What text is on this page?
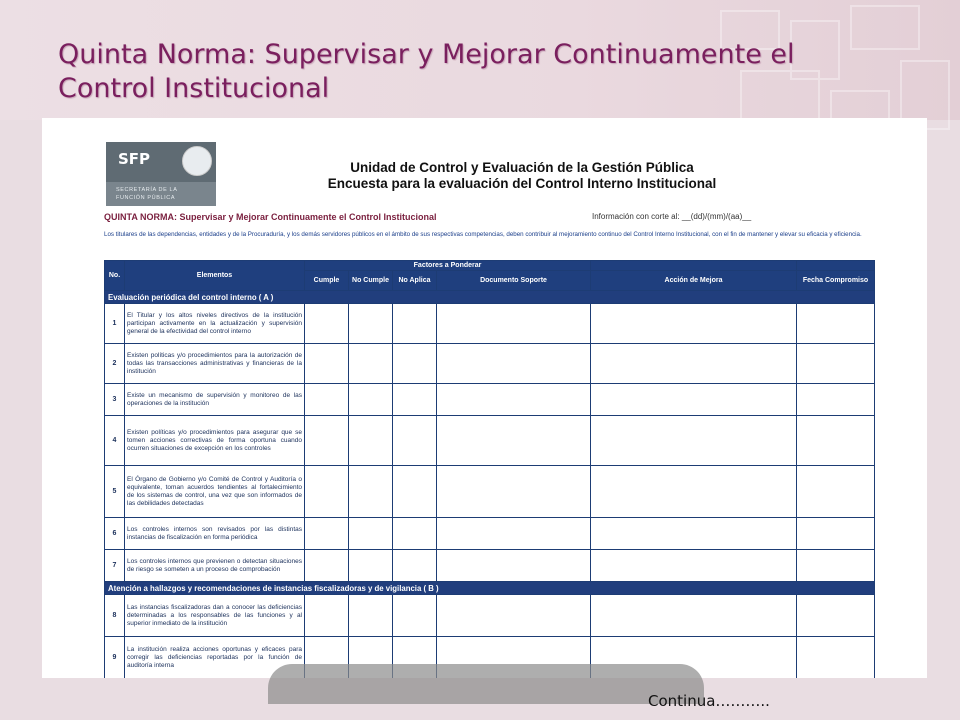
Quinta Norma: Supervisar y Mejorar Continuamente el
Control Institucional
SFP
SECRETARÍA DE LA
FUNCIÓN PÚBLICA
Unidad de Control y Evaluación de la Gestión Pública
Encuesta para la evaluación del Control Interno Institucional
QUINTA NORMA: Supervisar y Mejorar Continuamente el Control Institucional	Información con corte al: __(dd)/(mm)/(aa)__
Los titulares de las dependencias, entidades y de la Procuraduría, y los demás servidores públicos en el ámbito de sus respectivas competencias, deben contribuir al mejoramiento continuo del Control Interno Institucional, con el fin de mantener y elevar su eficacia y eficiencia.
No.	Elementos	Factores a Ponderar					
		Cumple	No Cumple	No Aplica	Documento Soporte	Acción de Mejora	Fecha Compromiso
Evaluación periódica del control interno ( A )							
1	El Titular y los altos niveles directivos de la institución participan activamente en la actualización y supervisión general de la efectividad del control interno						
2	Existen políticas y/o procedimientos para la autorización de todas las transacciones administrativas y financieras de la institución						
3	Existe un mecanismo de supervisión y monitoreo de las operaciones de la institución						
4	Existen políticas y/o procedimientos para asegurar que se tomen acciones correctivas de forma oportuna cuando ocurren situaciones de excepción en los controles						
5	El Órgano de Gobierno y/o Comité de Control y Auditoría o equivalente, toman acuerdos tendientes al fortalecimiento de los sistemas de control, una vez que son informados de las debilidades detectadas						
6	Los controles internos son revisados por las distintas instancias de fiscalización en forma periódica						
7	Los controles internos que previenen o detectan situaciones de riesgo se someten a un proceso de comprobación						
Atención a hallazgos y recomendaciones de instancias fiscalizadoras y de vigilancia ( B )							
8	Las instancias fiscalizadoras dan a conocer las deficiencias determinadas a los responsables de las funciones y al superior inmediato de la institución						
9	La institución realiza acciones oportunas y eficaces para corregir las deficiencias reportadas por la función de auditoría interna						
Continua………..
